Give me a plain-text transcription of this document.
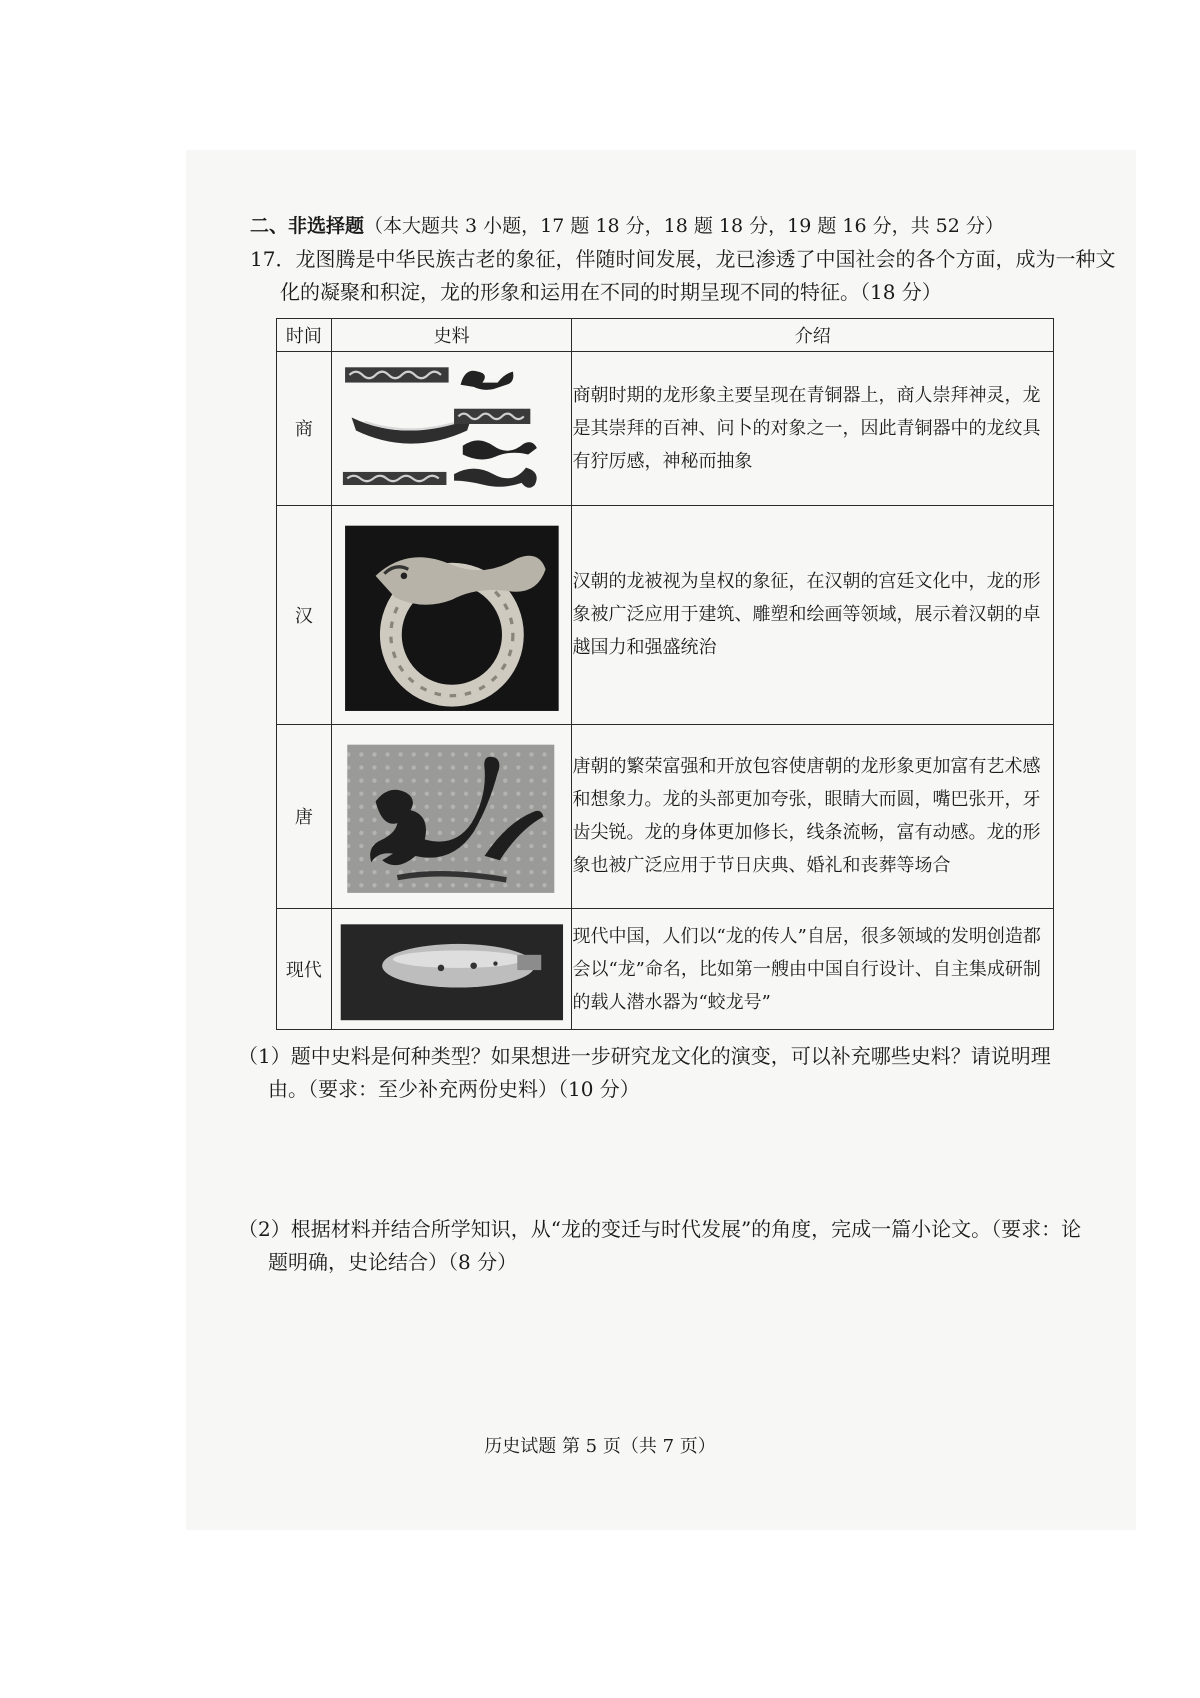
二、非选择题（本大题共 3 小题，17 题 18 分，18 题 18 分，19 题 16 分，共 52 分）
17．龙图腾是中华民族古老的象征，伴随时间发展，龙已渗透了中国社会的各个方面，成为一种文
化的凝聚和积淀，龙的形象和运用在不同的时期呈现不同的特征。（18 分）
时间	史料	介绍
商		商朝时期的龙形象主要呈现在青铜器上，商人崇拜神灵，龙是其崇拜的百神、问卜的对象之一，因此青铜器中的龙纹具有狞厉感，神秘而抽象
汉		汉朝的龙被视为皇权的象征，在汉朝的宫廷文化中，龙的形象被广泛应用于建筑、雕塑和绘画等领域，展示着汉朝的卓越国力和强盛统治
唐		唐朝的繁荣富强和开放包容使唐朝的龙形象更加富有艺术感和想象力。龙的头部更加夸张，眼睛大而圆，嘴巴张开，牙齿尖锐。龙的身体更加修长，线条流畅，富有动感。龙的形象也被广泛应用于节日庆典、婚礼和丧葬等场合
现代		现代中国，人们以“龙的传人”自居，很多领域的发明创造都会以“龙”命名，比如第一艘由中国自行设计、自主集成研制的载人潜水器为“蛟龙号”
（1）题中史料是何种类型？如果想进一步研究龙文化的演变，可以补充哪些史料？请说明理
由。（要求：至少补充两份史料）（10 分）
（2）根据材料并结合所学知识，从“龙的变迁与时代发展”的角度，完成一篇小论文。（要求：论
题明确，史论结合）（8 分）
历史试题 第 5 页（共 7 页）
